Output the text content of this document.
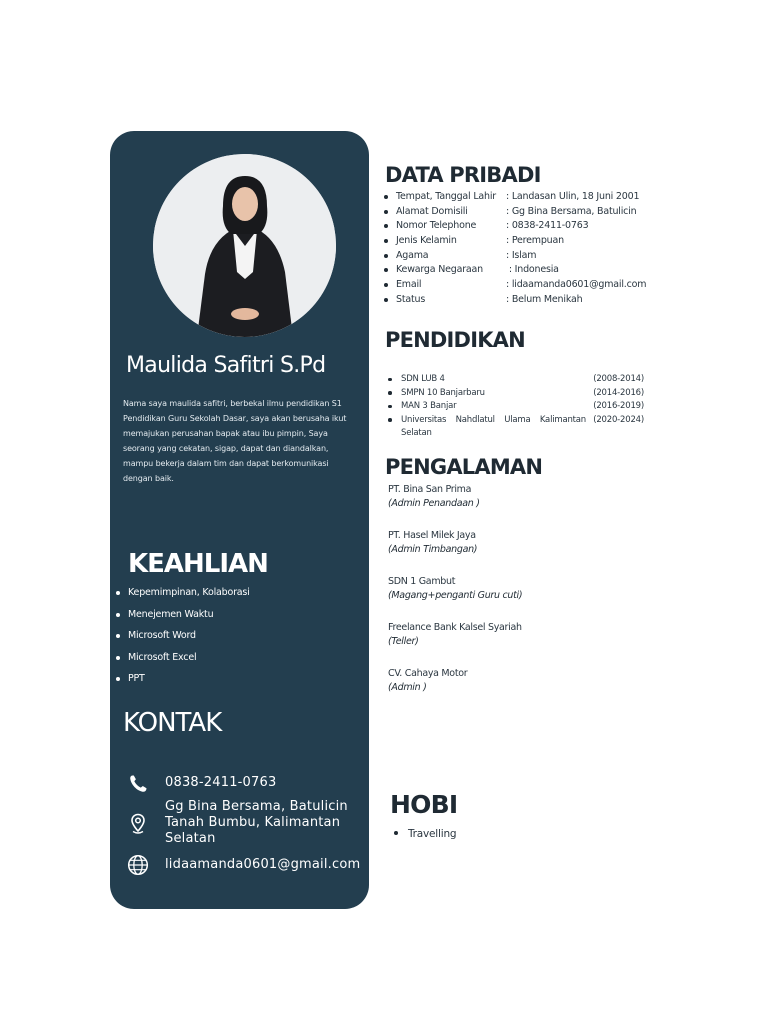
Maulida Safitri S.Pd
Nama saya maulida safitri, berbekal ilmu pendidikan S1 Pendidikan Guru Sekolah Dasar, saya akan berusaha ikut memajukan perusahan bapak atau ibu pimpin, Saya seorang yang cekatan, sigap, dapat dan diandalkan, mampu bekerja dalam tim dan dapat berkomunikasi dengan baik.
KEAHLIAN
Kepemimpinan, Kolaborasi
Menejemen Waktu
Microsoft Word
Microsoft Excel
PPT
KONTAK
0838-2411-0763
Gg Bina Bersama, Batulicin Tanah Bumbu, Kalimantan Selatan
lidaamanda0601@gmail.com
DATA PRIBADI
Tempat, Tanggal Lahir : Landasan Ulin, 18 Juni 2001
Alamat Domisili	: Gg Bina Bersama, Batulicin
Nomor Telephone	: 0838-2411-0763
Jenis Kelamin	: Perempuan
Agama	: Islam
Kewarga Negaraan : Indonesia
Email	: lidaamanda0601@gmail.com
Status	: Belum Menikah
PENDIDIKAN
SDN LUB 4	(2008-2014)
SMPN 10 Banjarbaru	(2014-2016)
MAN 3 Banjar	(2016-2019)
Universitas Nahdlatul Ulama Kalimantan (2020-2024)
Selatan
PENGALAMAN
PT. Bina San Prima
(Admin Penandaan )
PT. Hasel Milek Jaya
(Admin Timbangan)
SDN 1 Gambut
(Magang+penganti Guru cuti)
Freelance Bank Kalsel Syariah
(Teller)
CV. Cahaya Motor
(Admin )
HOBI
Travelling
